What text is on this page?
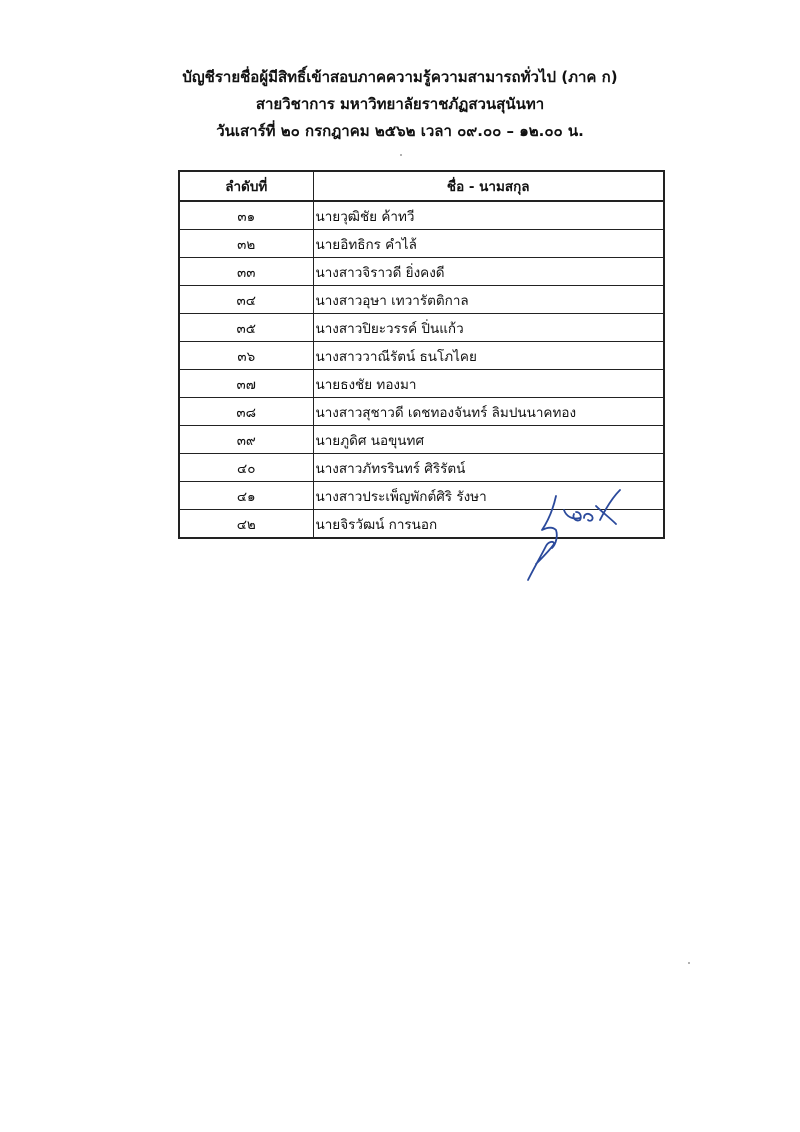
บัญชีรายชื่อผู้มีสิทธิ์เข้าสอบภาคความรู้ความสามารถทั่วไป (ภาค ก)
สายวิชาการ มหาวิทยาลัยราชภัฏสวนสุนันทา
วันเสาร์ที่ ๒๐ กรกฎาคม ๒๕๖๒ เวลา ๐๙.๐๐ – ๑๒.๐๐ น.
ลำดับที่	ชื่อ - นามสกุล
๓๑	นายวุฒิชัย ค้าทวี
๓๒	นายอิทธิกร คำไล้
๓๓	นางสาวจิราวดี ยิ่งคงดี
๓๔	นางสาวอุษา เทวารัตติกาล
๓๕	นางสาวปิยะวรรค์ ปิ่นแก้ว
๓๖	นางสาววาณีรัตน์ ธนโภไคย
๓๗	นายธงชัย ทองมา
๓๘	นางสาวสุชาวดี เดชทองจันทร์ ลิมปนนาคทอง
๓๙	นายภูดิศ นอขุนทศ
๔๐	นางสาวภัทรรินทร์ ศิริรัตน์
๔๑	นางสาวประเพ็ญพักต์ศิริ รังษา
๔๒	นายจิรวัฒน์ การนอก
